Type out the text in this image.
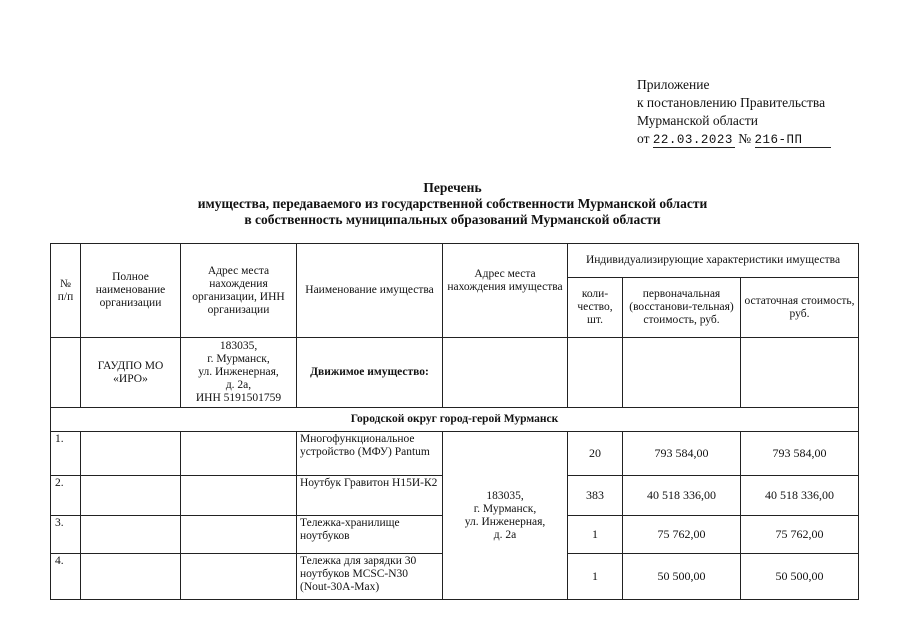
Приложение
к постановлению Правительства
Мурманской области
от 22.03.2023 № 216-ПП
Перечень
имущества, передаваемого из государственной собственности Мурманской области
в собственность муниципальных образований Мурманской области
№ п/п	Полное наименование организации	Адрес места нахождения организации, ИНН организации	Наименование имущества	Адрес места нахождения имущества	Индивидуализирующие характеристики имущества		
					коли-чество, шт.	первоначальная (восстанови-тельная) стоимость, руб.	остаточная стоимость, руб.
	ГАУДПО МО «ИРО»	183035,
г. Мурманск,
ул. Инженерная,
д. 2а,
ИНН 5191501759	Движимое имущество:				
Городской округ город-герой Мурманск							
1.			Многофункциональное устройство (МФУ) Pantum	183035,
г. Мурманск,
ул. Инженерная,
д. 2а	20	793 584,00	793 584,00
2.			Ноутбук Гравитон Н15И-К2		383	40 518 336,00	40 518 336,00
3.			Тележка-хранилище ноутбуков		1	75 762,00	75 762,00
4.			Тележка для зарядки 30 ноутбуков MCSC-N30 (Nout-30A-Max)		1	50 500,00	50 500,00
